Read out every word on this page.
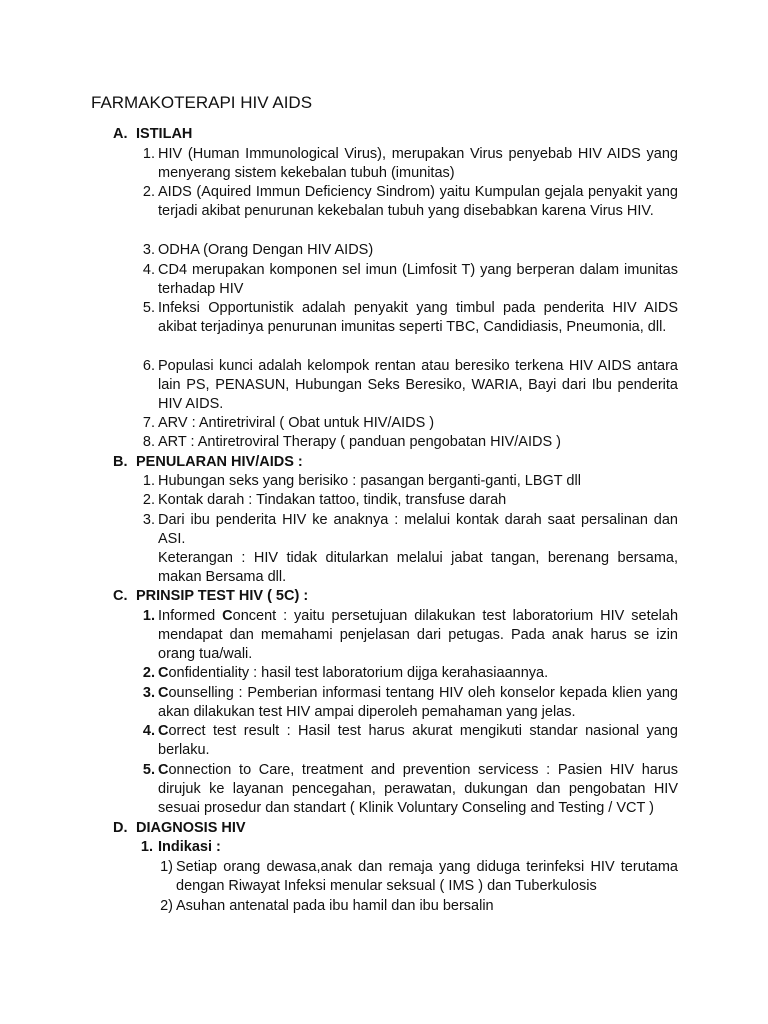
FARMAKOTERAPI HIV AIDS
A. ISTILAH
1. HIV (Human Immunological Virus), merupakan Virus penyebab HIV AIDS yang menyerang sistem kekebalan tubuh (imunitas)
2. AIDS (Aquired Immun Deficiency Sindrom) yaitu Kumpulan gejala penyakit yang terjadi akibat penurunan kekebalan tubuh yang disebabkan karena Virus HIV.
3. ODHA (Orang Dengan HIV AIDS)
4. CD4 merupakan komponen sel imun (Limfosit T) yang berperan dalam imunitas terhadap HIV
5. Infeksi Opportunistik adalah penyakit yang timbul pada penderita HIV AIDS akibat terjadinya penurunan imunitas seperti TBC, Candidiasis, Pneumonia, dll.
6. Populasi kunci adalah kelompok rentan atau beresiko terkena HIV AIDS antara lain PS, PENASUN, Hubungan Seks Beresiko, WARIA, Bayi dari Ibu penderita HIV AIDS.
7. ARV : Antiretriviral ( Obat untuk HIV/AIDS )
8. ART : Antiretroviral Therapy ( panduan pengobatan HIV/AIDS )
B. PENULARAN HIV/AIDS :
1. Hubungan seks yang berisiko : pasangan berganti-ganti, LBGT dll
2. Kontak darah : Tindakan tattoo, tindik, transfuse darah
3. Dari ibu penderita HIV ke anaknya : melalui kontak darah saat persalinan dan ASI.
Keterangan : HIV tidak ditularkan melalui jabat tangan, berenang bersama, makan Bersama dll.
C. PRINSIP TEST HIV ( 5C) :
1. Informed Concent : yaitu persetujuan dilakukan test laboratorium HIV setelah mendapat dan memahami penjelasan dari petugas. Pada anak harus se izin orang tua/wali.
2. Confidentiality : hasil test laboratorium dijga kerahasiaannya.
3. Counselling : Pemberian informasi tentang HIV oleh konselor kepada klien yang akan dilakukan test HIV ampai diperoleh pemahaman yang jelas.
4. Correct test result : Hasil test harus akurat mengikuti standar nasional yang berlaku.
5. Connection to Care, treatment and prevention servicess : Pasien HIV harus dirujuk ke layanan pencegahan, perawatan, dukungan dan pengobatan HIV sesuai prosedur dan standart ( Klinik Voluntary Conseling and Testing / VCT )
D. DIAGNOSIS HIV
1. Indikasi :
1) Setiap orang dewasa,anak dan remaja yang diduga terinfeksi HIV terutama dengan Riwayat Infeksi menular seksual ( IMS ) dan Tuberkulosis
2) Asuhan antenatal pada ibu hamil dan ibu bersalin
